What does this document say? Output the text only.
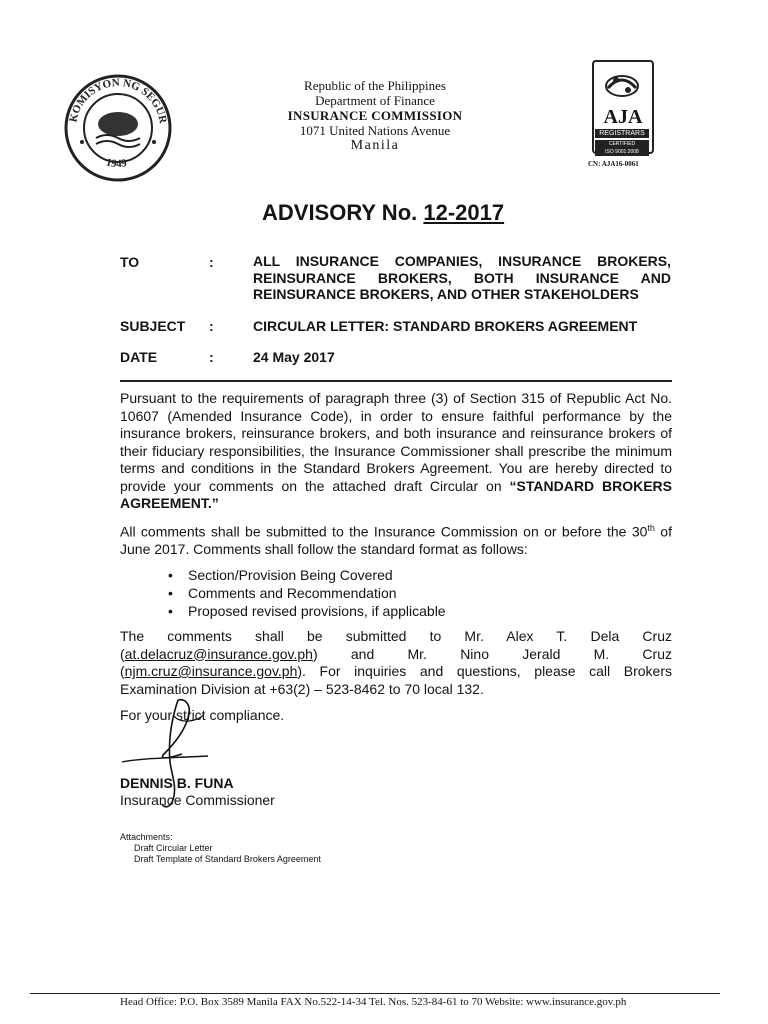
KOMISYON NG SEGUR
1949
Republic of the Philippines
Department of Finance
INSURANCE COMMISSION
1071 United Nations Avenue
Manila
AJA
REGISTRARS
CERTIFIED
ISO 9001:2008
CN: AJA16-0061
ADVISORY No. 12-2017
TO	:	ALL INSURANCE COMPANIES, INSURANCE BROKERS, REINSURANCE BROKERS, BOTH INSURANCE AND REINSURANCE BROKERS, AND OTHER STAKEHOLDERS
SUBJECT :	CIRCULAR LETTER: STANDARD BROKERS AGREEMENT
DATE	:	24 May 2017
Pursuant to the requirements of paragraph three (3) of Section 315 of Republic Act No. 10607 (Amended Insurance Code), in order to ensure faithful performance by the insurance brokers, reinsurance brokers, and both insurance and reinsurance brokers of their fiduciary responsibilities, the Insurance Commissioner shall prescribe the minimum terms and conditions in the Standard Brokers Agreement. You are hereby directed to provide your comments on the attached draft Circular on “STANDARD BROKERS AGREEMENT.”
All comments shall be submitted to the Insurance Commission on or before the 30th of June 2017. Comments shall follow the standard format as follows:
• Section/Provision Being Covered
• Comments and Recommendation
• Proposed revised provisions, if applicable
The comments shall be submitted to Mr. Alex T. Dela Cruz (at.delacruz@insurance.gov.ph) and Mr. Nino Jerald M. Cruz (njm.cruz@insurance.gov.ph). For inquiries and questions, please call Brokers Examination Division at +63(2) – 523-8462 to 70 local 132.
For your strict compliance.
DENNIS B. FUNA
Insurance Commissioner
Attachments:
Draft Circular Letter
Draft Template of Standard Brokers Agreement
Head Office: P.O. Box 3589 Manila FAX No.522-14-34 Tel. Nos. 523-84-61 to 70 Website: www.insurance.gov.ph
